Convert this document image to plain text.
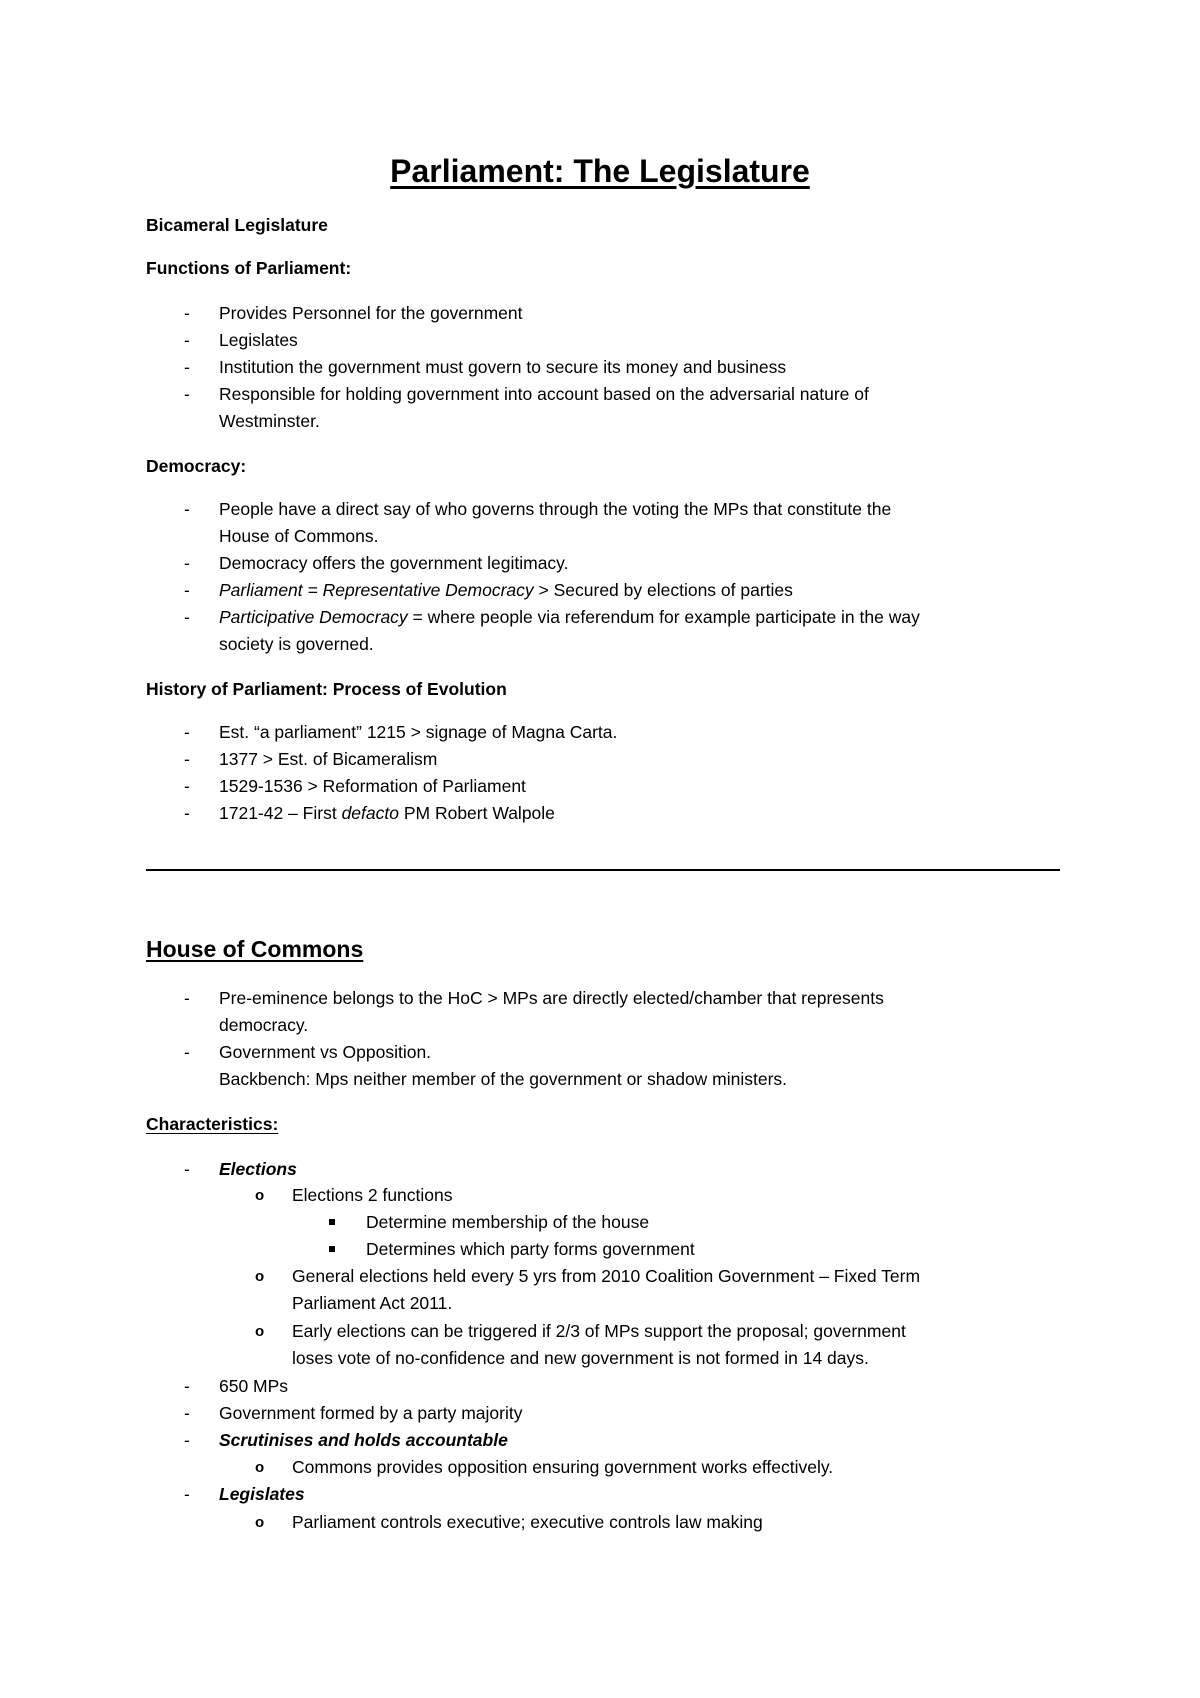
Parliament: The Legislature
Bicameral Legislature
Functions of Parliament:
- Provides Personnel for the government
- Legislates
- Institution the government must govern to secure its money and business
- Responsible for holding government into account based on the adversarial nature of
Westminster.
Democracy:
- People have a direct say of who governs through the voting the MPs that constitute the
House of Commons.
- Democracy offers the government legitimacy.
- Parliament = Representative Democracy > Secured by elections of parties
- Participative Democracy = where people via referendum for example participate in the way
society is governed.
History of Parliament: Process of Evolution
- Est. “a parliament” 1215 > signage of Magna Carta.
- 1377 > Est. of Bicameralism
- 1529-1536 > Reformation of Parliament
- 1721-42 – First defacto PM Robert Walpole
House of Commons
- Pre-eminence belongs to the HoC > MPs are directly elected/chamber that represents
democracy.
- Government vs Opposition.
Backbench: Mps neither member of the government or shadow ministers.
Characteristics:
- Elections
o Elections 2 functions
Determine membership of the house
Determines which party forms government
o General elections held every 5 yrs from 2010 Coalition Government – Fixed Term
Parliament Act 2011.
o Early elections can be triggered if 2/3 of MPs support the proposal; government
loses vote of no-confidence and new government is not formed in 14 days.
- 650 MPs
- Government formed by a party majority
- Scrutinises and holds accountable
o Commons provides opposition ensuring government works effectively.
- Legislates
o Parliament controls executive; executive controls law making
